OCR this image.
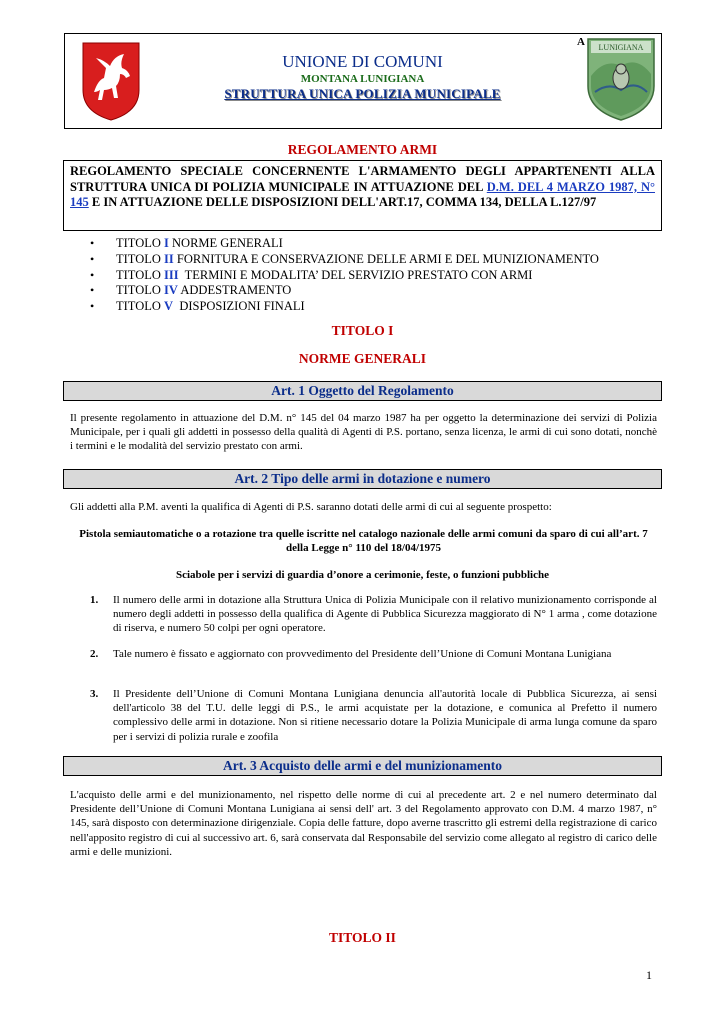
A LUNIGIANA
UNIONE DI COMUNI
MONTANA LUNIGIANA
STRUTTURA UNICA POLIZIA MUNICIPALE
REGOLAMENTO ARMI
REGOLAMENTO SPECIALE CONCERNENTE L'ARMAMENTO DEGLI APPARTENENTI ALLA STRUTTURA UNICA DI POLIZIA MUNICIPALE IN ATTUAZIONE DEL D.M. DEL 4 MARZO 1987, N° 145 E IN ATTUAZIONE DELLE DISPOSIZIONI DELL'ART.17, COMMA 134, DELLA L.127/97
• TITOLO I NORME GENERALI
• TITOLO II FORNITURA E CONSERVAZIONE DELLE ARMI E DEL MUNIZIONAMENTO
• TITOLO III  TERMINI E MODALITA’ DEL SERVIZIO PRESTATO CON ARMI
• TITOLO IV ADDESTRAMENTO
• TITOLO V  DISPOSIZIONI FINALI
TITOLO I
NORME GENERALI
Art. 1 Oggetto del Regolamento
Il presente regolamento in attuazione del D.M. n° 145 del 04 marzo 1987 ha per oggetto la determinazione dei servizi di Polizia Municipale, per i quali gli addetti in possesso della qualità di Agenti di P.S. portano, senza licenza, le armi di cui sono dotati, nonchè i termini e le modalità del servizio prestato con armi.
Art. 2 Tipo delle armi in dotazione e numero
Gli addetti alla P.M. aventi la qualifica di Agenti di P.S. saranno dotati delle armi di cui al seguente prospetto:
Pistola semiautomatiche o a rotazione tra quelle iscritte nel catalogo nazionale delle armi comuni da sparo di cui all’art. 7 della Legge n° 110 del 18/04/1975
Sciabole per i servizi di guardia d’onore a cerimonie, feste, o funzioni pubbliche
1. Il numero delle armi in dotazione alla Struttura Unica di Polizia Municipale con il relativo munizionamento corrisponde al numero degli addetti in possesso della qualifica di Agente di Pubblica Sicurezza maggiorato di N° 1 arma , come dotazione di riserva, e numero 50 colpi per ogni operatore.
2. Tale numero è fissato e aggiornato con provvedimento del Presidente dell’Unione di Comuni Montana Lunigiana
3. Il Presidente dell’Unione di Comuni Montana Lunigiana denuncia all'autorità locale di Pubblica Sicurezza, ai sensi dell'articolo 38 del T.U. delle leggi di P.S., le armi acquistate per la dotazione, e comunica al Prefetto il numero complessivo delle armi in dotazione. Non si ritiene necessario dotare la Polizia Municipale di arma lunga comune da sparo per i servizi di polizia rurale e zoofila
Art. 3 Acquisto delle armi e del munizionamento
L'acquisto delle armi e del munizionamento, nel rispetto delle norme di cui al precedente art. 2 e nel numero determinato dal Presidente dell’Unione di Comuni Montana Lunigiana ai sensi dell' art. 3 del Regolamento approvato con D.M. 4 marzo 1987, n° 145, sarà disposto con determinazione dirigenziale. Copia delle fatture, dopo averne trascritto gli estremi della registrazione di carico nell'apposito registro di cui al successivo art. 6, sarà conservata dal Responsabile del servizio come allegato al registro di carico delle armi e delle munizioni.
TITOLO II
1
